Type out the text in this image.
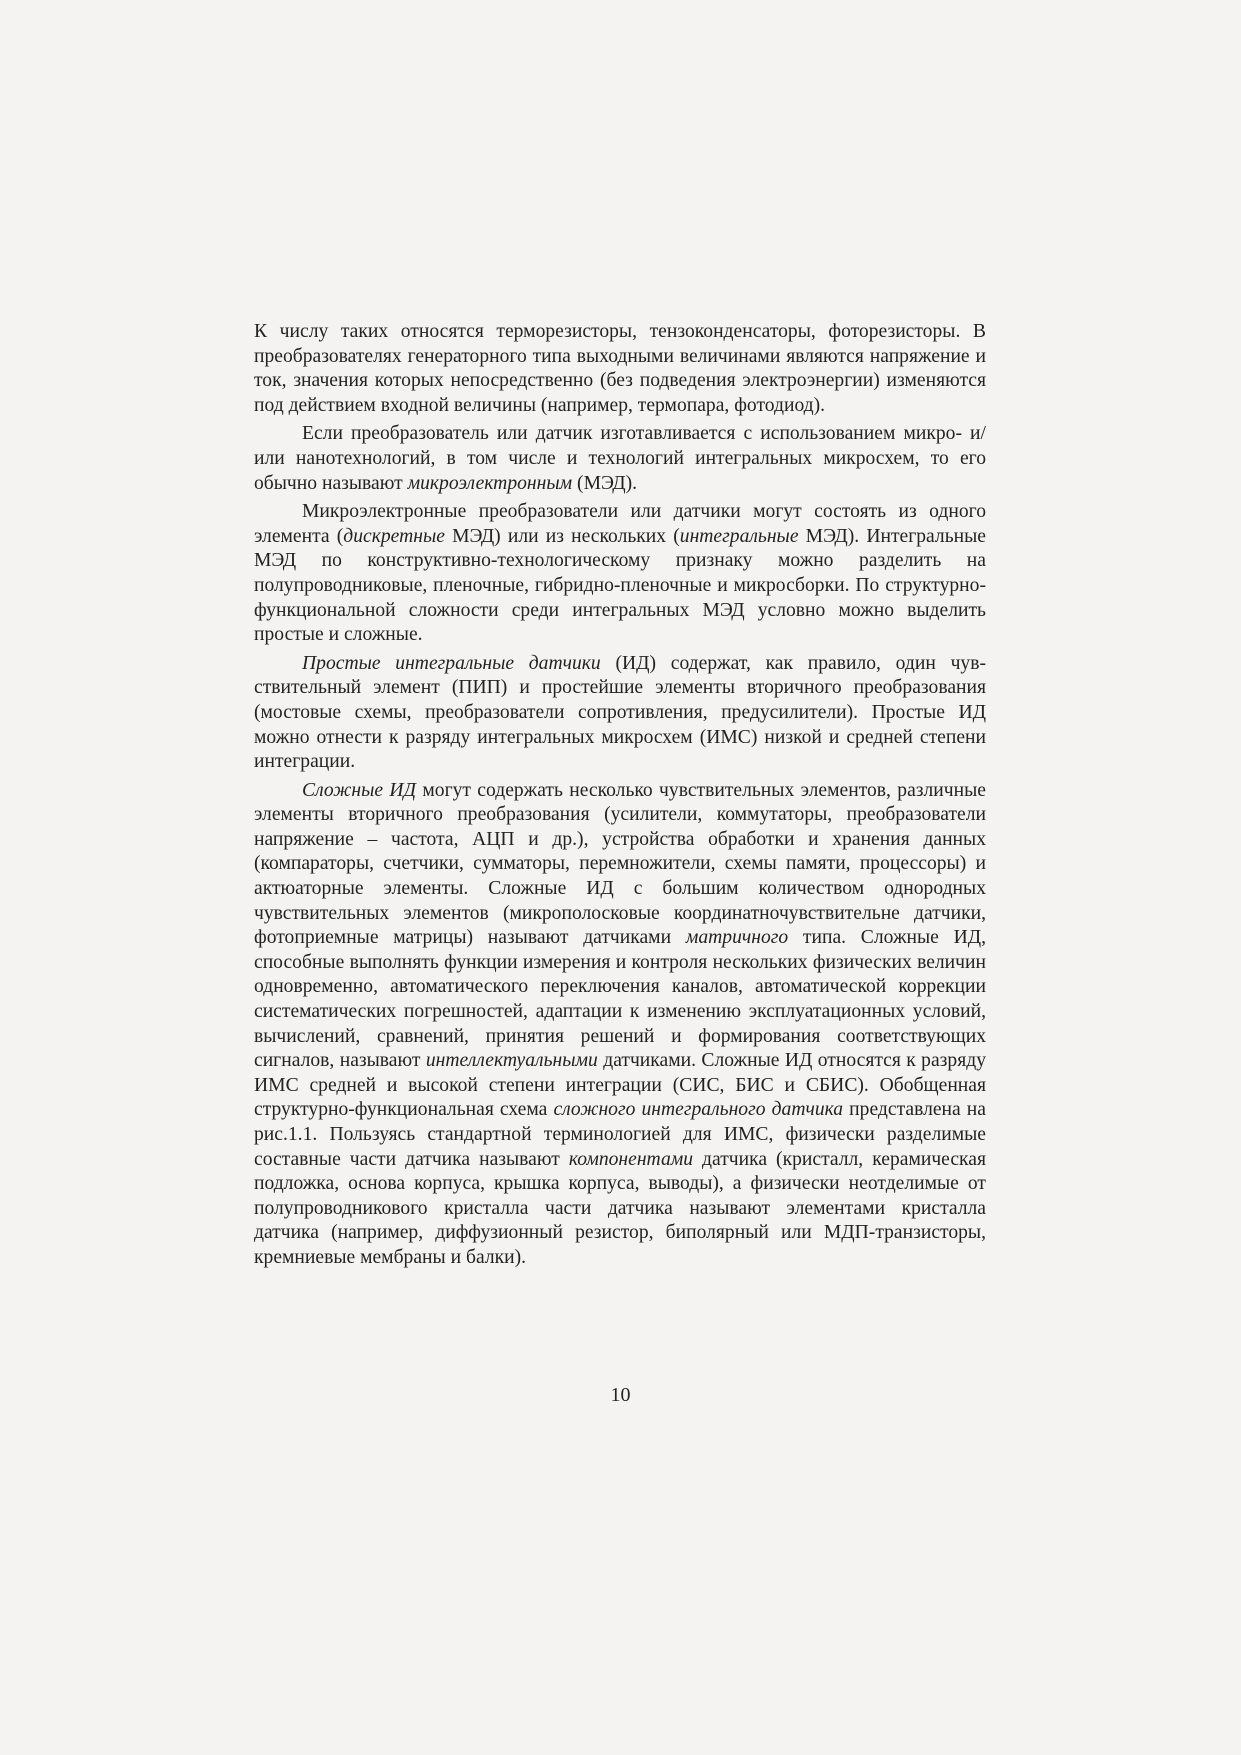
К числу таких относятся терморезисторы, тензоконденсаторы, фоторезисторы. В преобразователях генераторного типа выходными величинами являются напряжение и ток, значения которых непосредственно (без подведения электроэнергии) изменяются под действием входной величины (например, термопара, фотодиод).

Если преобразователь или датчик изготавливается с использованием микро- и/или нанотехнологий, в том числе и технологий интегральных микросхем, то его обычно называют микроэлектронным (МЭД).

Микроэлектронные преобразователи или датчики могут состоять из одного элемента (дискретные МЭД) или из нескольких (интегральные МЭД). Интегральные МЭД по конструктивно-технологическому признаку можно разделить на полупроводниковые, пленочные, гибридно-пленочные и микросборки. По структурно-функциональной сложности среди интегральных МЭД условно можно выделить простые и сложные.

Простые интегральные датчики (ИД) содержат, как правило, один чувствительный элемент (ПИП) и простейшие элементы вторичного преобразования (мостовые схемы, преобразователи сопротивления, предусилители). Простые ИД можно отнести к разряду интегральных микросхем (ИМС) низкой и средней степени интеграции.

Сложные ИД могут содержать несколько чувствительных элементов, различные элементы вторичного преобразования (усилители, коммутаторы, преобразователи напряжение – частота, АЦП и др.), устройства обработки и хранения данных (компараторы, счетчики, сумматоры, перемножители, схемы памяти, процессоры) и актюаторные элементы. Сложные ИД с большим количеством однородных чувствительных элементов (микрополосковые координатночувствительне датчики, фотоприемные матрицы) называют датчиками матричного типа. Сложные ИД, способные выполнять функции измерения и контроля нескольких физических величин одновременно, автоматического переключения каналов, автоматической коррекции систематических погрешностей, адаптации к изменению эксплуатационных условий, вычислений, сравнений, принятия решений и формирования соответствующих сигналов, называют интеллектуальными датчиками. Сложные ИД относятся к разряду ИМС средней и высокой степени интеграции (СИС, БИС и СБИС). Обобщенная структурно-функциональная схема сложного интегрального датчика представлена на рис.1.1. Пользуясь стандартной терминологией для ИМС, физически разделимые составные части датчика называют компонентами датчика (кристалл, керамическая подложка, основа корпуса, крышка корпуса, выводы), а физически неотделимые от полупроводникового кристалла части датчика называют элементами кристалла датчика (например, диффузионный резистор, биполярный или МДП-транзисторы, кремниевые мембраны и балки).

10
